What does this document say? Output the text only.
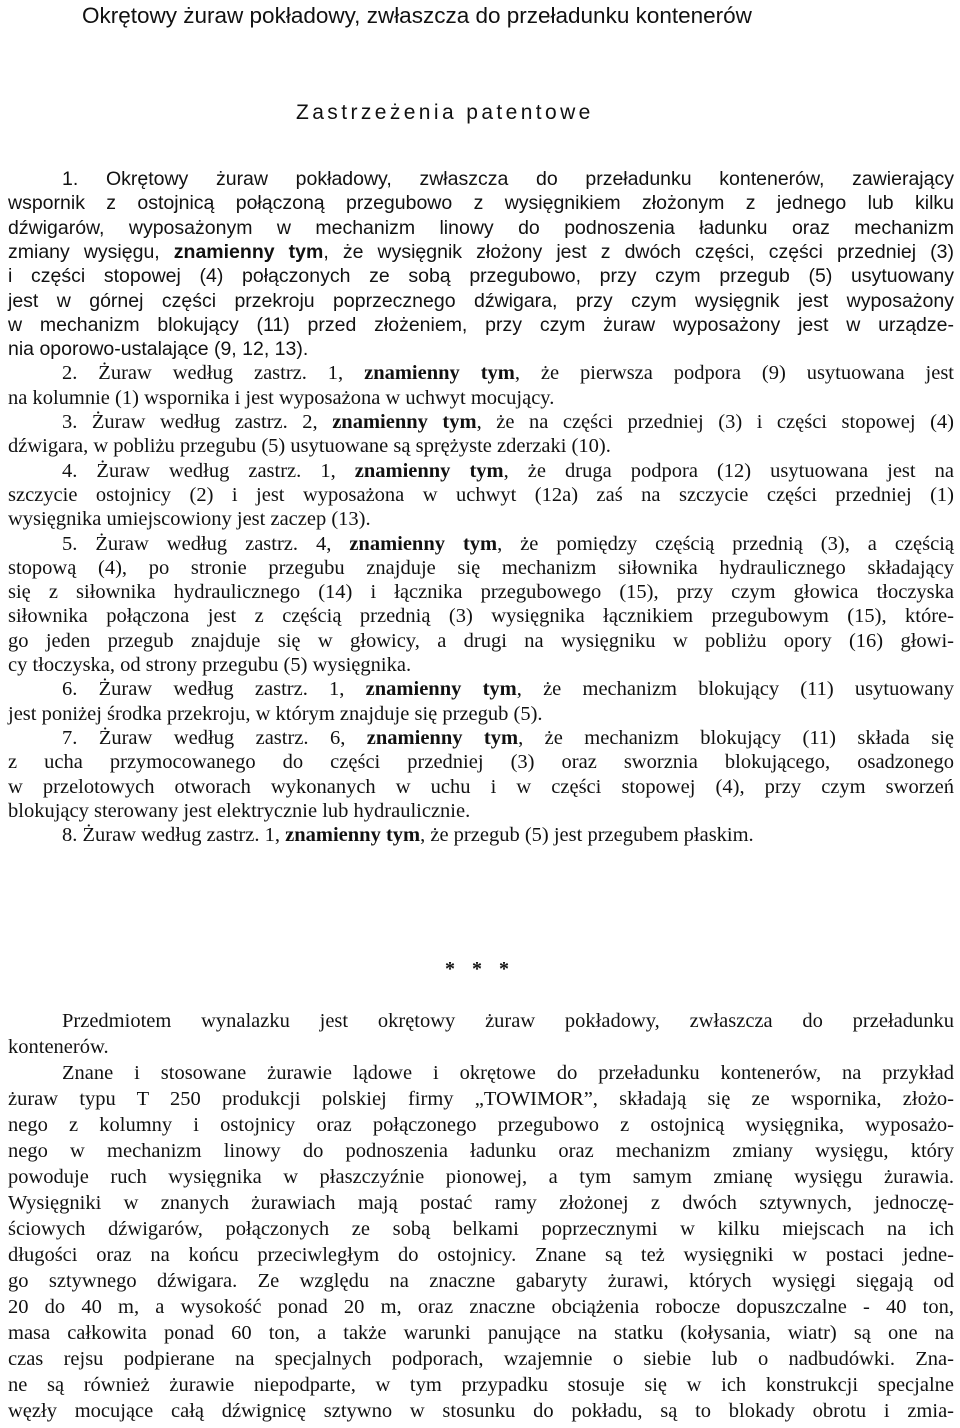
Okrętowy żuraw pokładowy, zwłaszcza do przeładunku kontenerów
Zastrzeżenia patentowe
1. Okrętowy żuraw pokładowy, zwłaszcza do przeładunku kontenerów, zawierający
wspornik z ostojnicą połączoną przegubowo z wysięgnikiem złożonym z jednego lub kilku
dźwigarów, wyposażonym w mechanizm linowy do podnoszenia ładunku oraz mechanizm
zmiany wysięgu, znamienny tym, że wysięgnik złożony jest z dwóch części, części przedniej (3)
i części stopowej (4) połączonych ze sobą przegubowo, przy czym przegub (5) usytuowany
jest w górnej części przekroju poprzecznego dźwigara, przy czym wysięgnik jest wyposażony
w mechanizm blokujący (11) przed złożeniem, przy czym żuraw wyposażony jest w urządze-
nia oporowo-ustalające (9, 12, 13).
2. Żuraw według zastrz. 1, znamienny tym, że pierwsza podpora (9) usytuowana jest
na kolumnie (1) wspornika i jest wyposażona w uchwyt mocujący.
3. Żuraw według zastrz. 2, znamienny tym, że na części przedniej (3) i części stopowej (4)
dźwigara, w pobliżu przegubu (5) usytuowane są sprężyste zderzaki (10).
4. Żuraw według zastrz. 1, znamienny tym, że druga podpora (12) usytuowana jest na
szczycie ostojnicy (2) i jest wyposażona w uchwyt (12a) zaś na szczycie części przedniej (1)
wysięgnika umiejscowiony jest zaczep (13).
5. Żuraw według zastrz. 4, znamienny tym, że pomiędzy częścią przednią (3), a częścią
stopową (4), po stronie przegubu znajduje się mechanizm siłownika hydraulicznego składający
się z siłownika hydraulicznego (14) i łącznika przegubowego (15), przy czym głowica tłoczyska
siłownika połączona jest z częścią przednią (3) wysięgnika łącznikiem przegubowym (15), które-
go jeden przegub znajduje się w głowicy, a drugi na wysięgniku w pobliżu opory (16) głowi-
cy tłoczyska, od strony przegubu (5) wysięgnika.
6. Żuraw według zastrz. 1, znamienny tym, że mechanizm blokujący (11) usytuowany
jest poniżej środka przekroju, w którym znajduje się przegub (5).
7. Żuraw według zastrz. 6, znamienny tym, że mechanizm blokujący (11) składa się
z ucha przymocowanego do części przedniej (3) oraz sworznia blokującego, osadzonego
w przelotowych otworach wykonanych w uchu i w części stopowej (4), przy czym sworzeń
blokujący sterowany jest elektrycznie lub hydraulicznie.
8. Żuraw według zastrz. 1, znamienny tym, że przegub (5) jest przegubem płaskim.
* * *
Przedmiotem wynalazku jest okrętowy żuraw pokładowy, zwłaszcza do przeładunku
kontenerów.
Znane i stosowane żurawie lądowe i okrętowe do przeładunku kontenerów, na przykład
żuraw typu T 250 produkcji polskiej firmy „TOWIMOR”, składają się ze wspornika, złożo-
nego z kolumny i ostojnicy oraz połączonego przegubowo z ostojnicą wysięgnika, wyposażo-
nego w mechanizm linowy do podnoszenia ładunku oraz mechanizm zmiany wysięgu, który
powoduje ruch wysięgnika w płaszczyźnie pionowej, a tym samym zmianę wysięgu żurawia.
Wysięgniki w znanych żurawiach mają postać ramy złożonej z dwóch sztywnych, jednoczę-
ściowych dźwigarów, połączonych ze sobą belkami poprzecznymi w kilku miejscach na ich
długości oraz na końcu przeciwległym do ostojnicy. Znane są też wysięgniki w postaci jedne-
go sztywnego dźwigara. Ze względu na znaczne gabaryty żurawi, których wysięgi sięgają od
20 do 40 m, a wysokość ponad 20 m, oraz znaczne obciążenia robocze dopuszczalne - 40 ton,
masa całkowita ponad 60 ton, a także warunki panujące na statku (kołysania, wiatr) są one na
czas rejsu podpierane na specjalnych podporach, wzajemnie o siebie lub o nadbudówki. Zna-
ne są również żurawie niepodparte, w tym przypadku stosuje się w ich konstrukcji specjalne
węzły mocujące całą dźwignicę sztywno w stosunku do pokładu, są to blokady obrotu i zmia-
